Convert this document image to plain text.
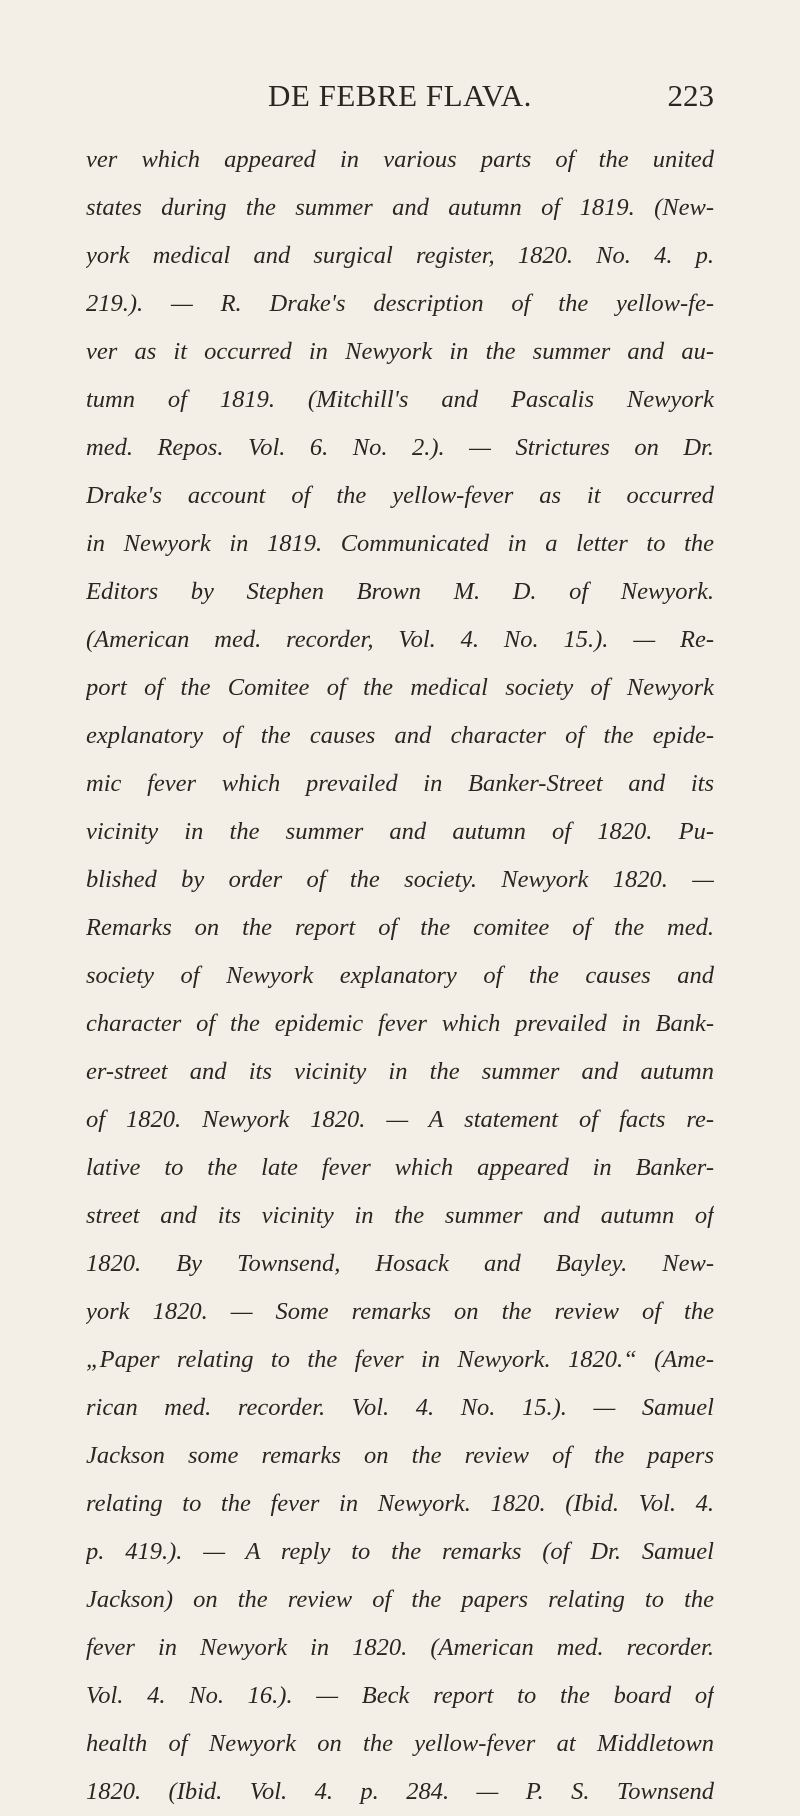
DE FEBRE FLAVA.	223
ver which appeared in various parts of the united
states during the summer and autumn of 1819. (New-
york medical and surgical register, 1820. No. 4. p.
219.). — R. Drake's description of the yellow-fe-
ver as it occurred in Newyork in the summer and au-
tumn of 1819. (Mitchill's and Pascalis Newyork
med. Repos. Vol. 6. No. 2.). — Strictures on Dr.
Drake's account of the yellow-fever as it occurred
in Newyork in 1819. Communicated in a letter to the
Editors by Stephen Brown M. D. of Newyork.
(American med. recorder, Vol. 4. No. 15.). — Re-
port of the Comitee of the medical society of Newyork
explanatory of the causes and character of the epide-
mic fever which prevailed in Banker-Street and its
vicinity in the summer and autumn of 1820. Pu-
blished by order of the society. Newyork 1820. —
Remarks on the report of the comitee of the med.
society of Newyork explanatory of the causes and
character of the epidemic fever which prevailed in Bank-
er-street and its vicinity in the summer and autumn
of 1820. Newyork 1820. — A statement of facts re-
lative to the late fever which appeared in Banker-
street and its vicinity in the summer and autumn of
1820. By Townsend, Hosack and Bayley. New-
york 1820. — Some remarks on the review of the
„Paper relating to the fever in Newyork. 1820.“ (Ame-
rican med. recorder. Vol. 4. No. 15.). — Samuel
Jackson some remarks on the review of the papers
relating to the fever in Newyork. 1820. (Ibid. Vol. 4.
p. 419.). — A reply to the remarks (of Dr. Samuel
Jackson) on the review of the papers relating to the
fever in Newyork in 1820. (American med. recorder.
Vol. 4. No. 16.). — Beck report to the board of
health of Newyork on the yellow-fever at Middletown
1820. (Ibid. Vol. 4. p. 284. — P. S. Townsend
